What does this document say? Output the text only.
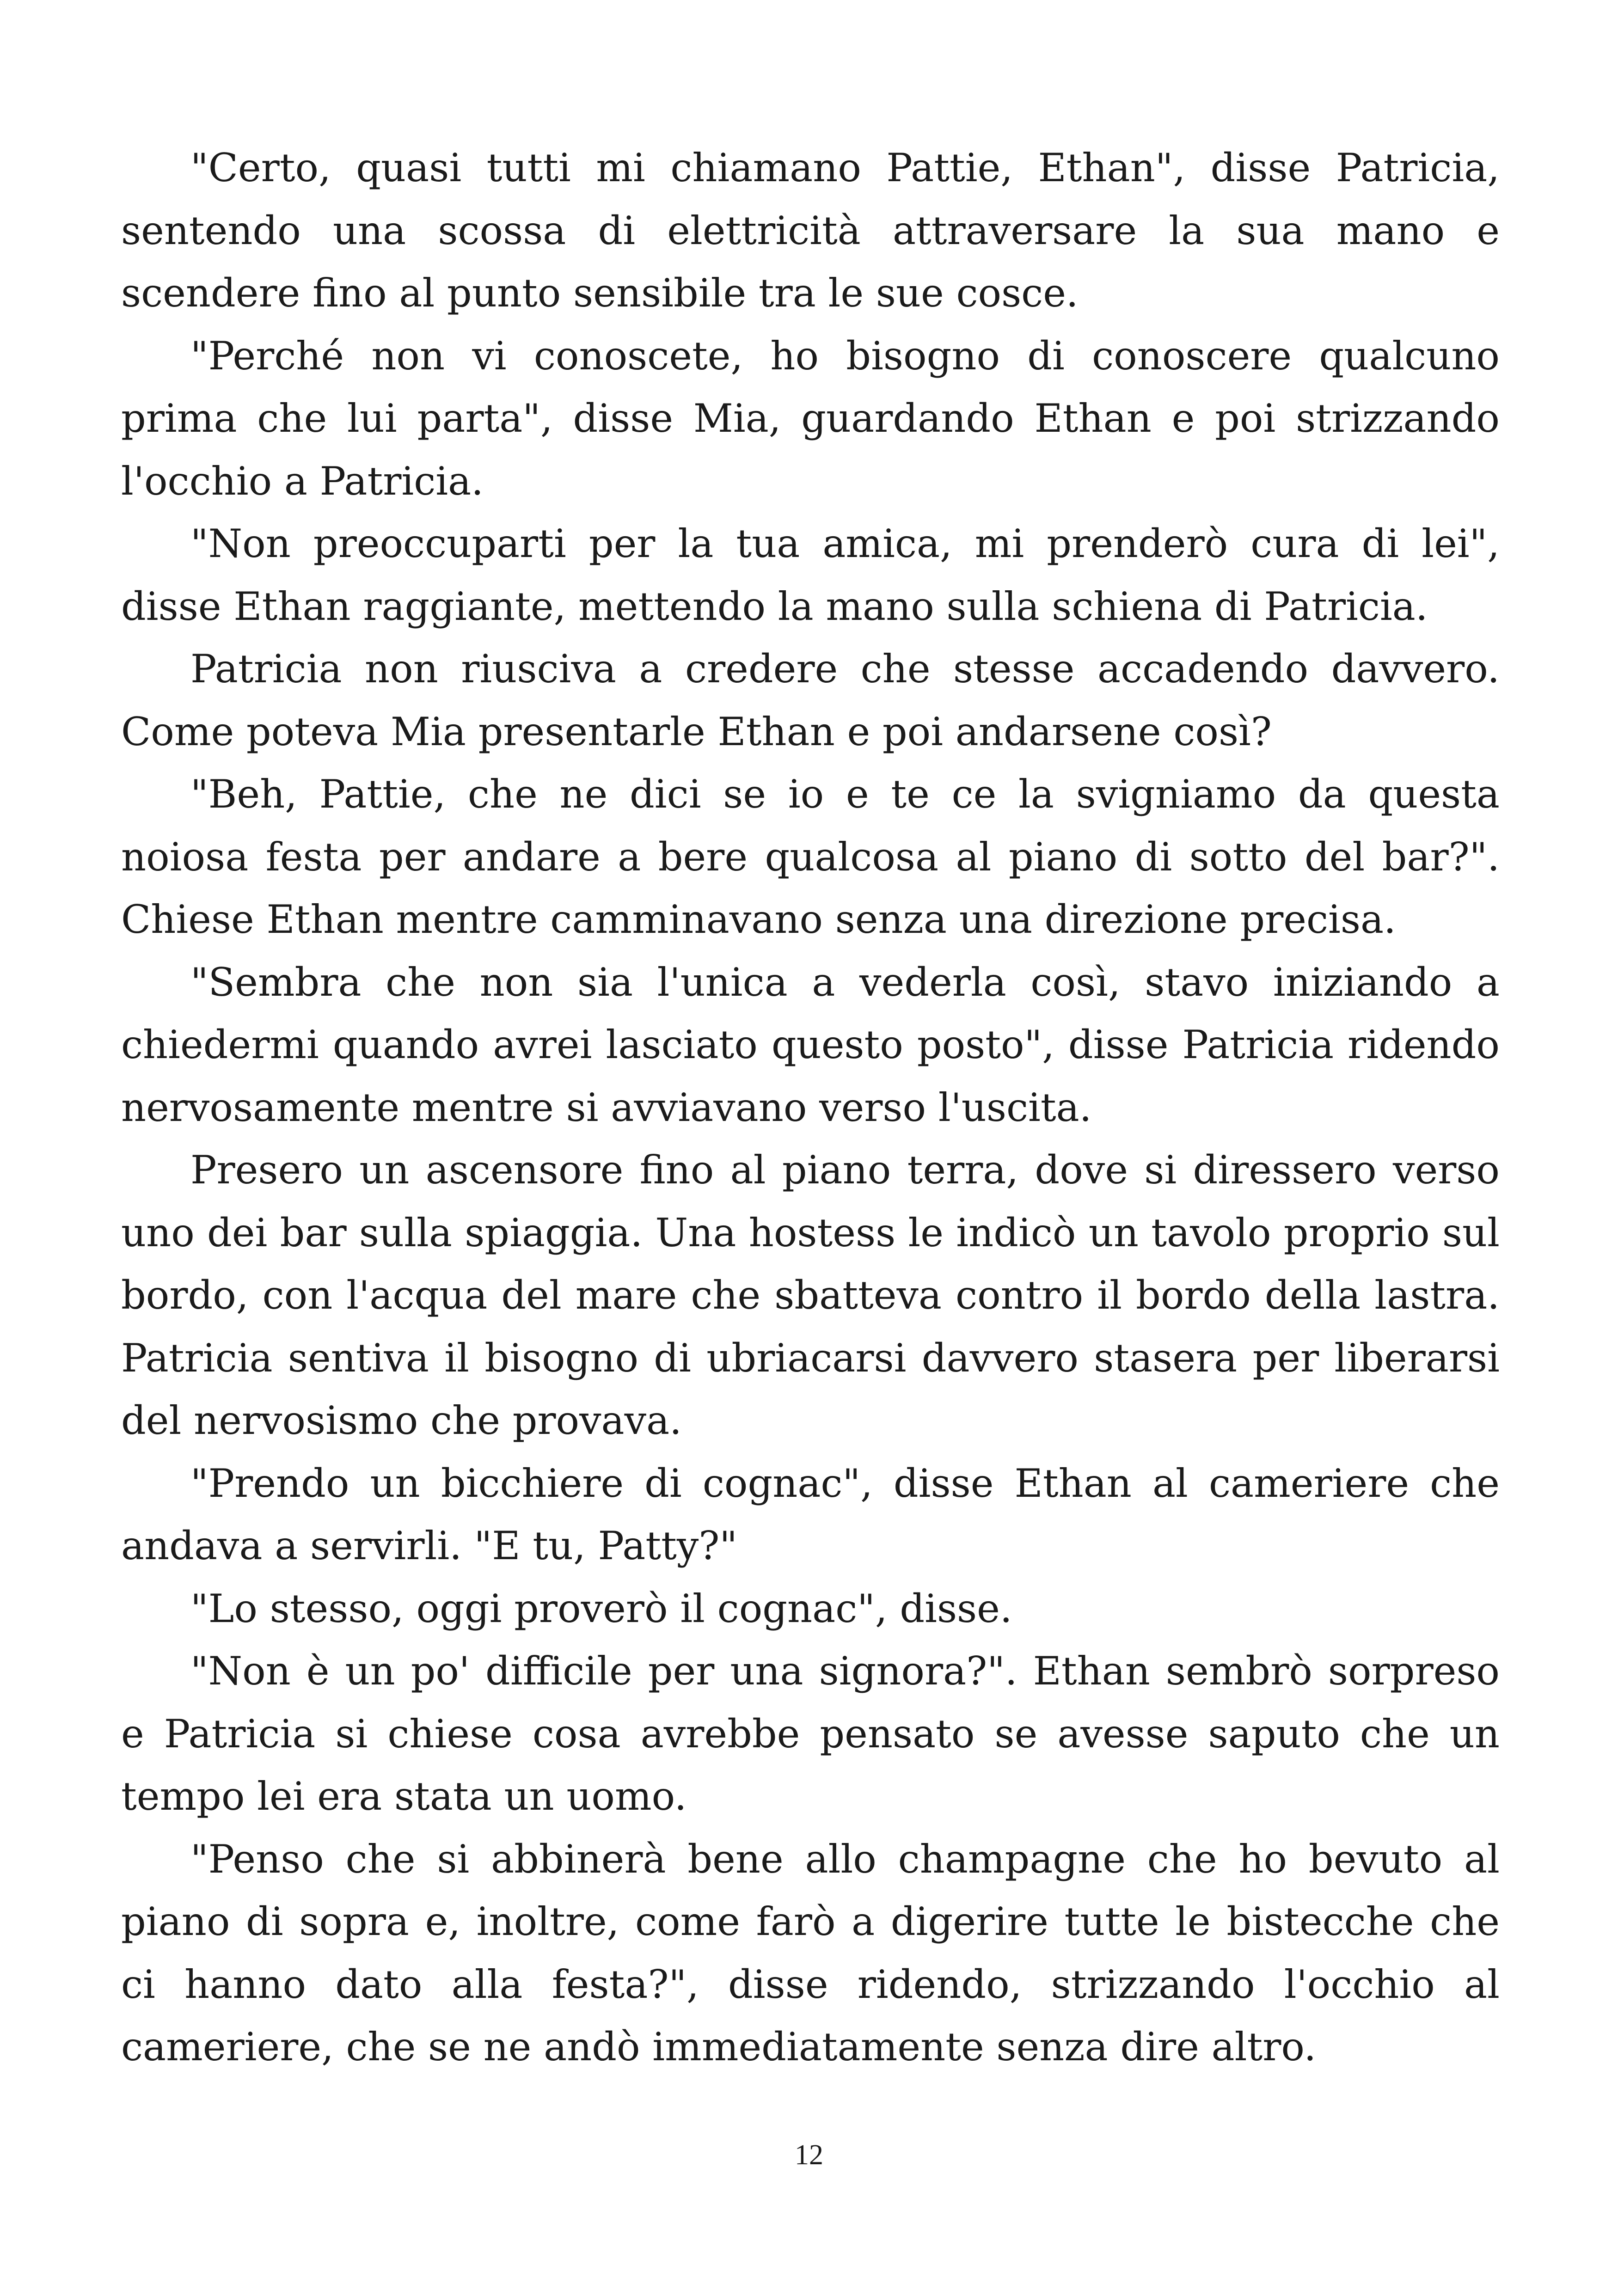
"Certo, quasi tutti mi chiamano Pattie, Ethan", disse Patricia, sentendo una scossa di elettricità attraversare la sua mano e scendere fino al punto sensibile tra le sue cosce.

"Perché non vi conoscete, ho bisogno di conoscere qualcuno prima che lui parta", disse Mia, guardando Ethan e poi strizzando l'occhio a Patricia.

"Non preoccuparti per la tua amica, mi prenderò cura di lei", disse Ethan raggiante, mettendo la mano sulla schiena di Patricia.

Patricia non riusciva a credere che stesse accadendo davvero. Come poteva Mia presentarle Ethan e poi andarsene così?

"Beh, Pattie, che ne dici se io e te ce la svigniamo da questa noiosa festa per andare a bere qualcosa al piano di sotto del bar?". Chiese Ethan mentre camminavano senza una direzione precisa.

"Sembra che non sia l'unica a vederla così, stavo iniziando a chiedermi quando avrei lasciato questo posto", disse Patricia ridendo nervosamente mentre si avviavano verso l'uscita.

Presero un ascensore fino al piano terra, dove si diressero verso uno dei bar sulla spiaggia. Una hostess le indicò un tavolo proprio sul bordo, con l'acqua del mare che sbatteva contro il bordo della lastra. Patricia sentiva il bisogno di ubriacarsi davvero stasera per liberarsi del nervosismo che provava.

"Prendo un bicchiere di cognac", disse Ethan al cameriere che andava a servirli. "E tu, Patty?"

"Lo stesso, oggi proverò il cognac", disse.

"Non è un po' difficile per una signora?". Ethan sembrò sorpreso e Patricia si chiese cosa avrebbe pensato se avesse saputo che un tempo lei era stata un uomo.

"Penso che si abbinerà bene allo champagne che ho bevuto al piano di sopra e, inoltre, come farò a digerire tutte le bistecche che ci hanno dato alla festa?", disse ridendo, strizzando l'occhio al cameriere, che se ne andò immediatamente senza dire altro.

12
